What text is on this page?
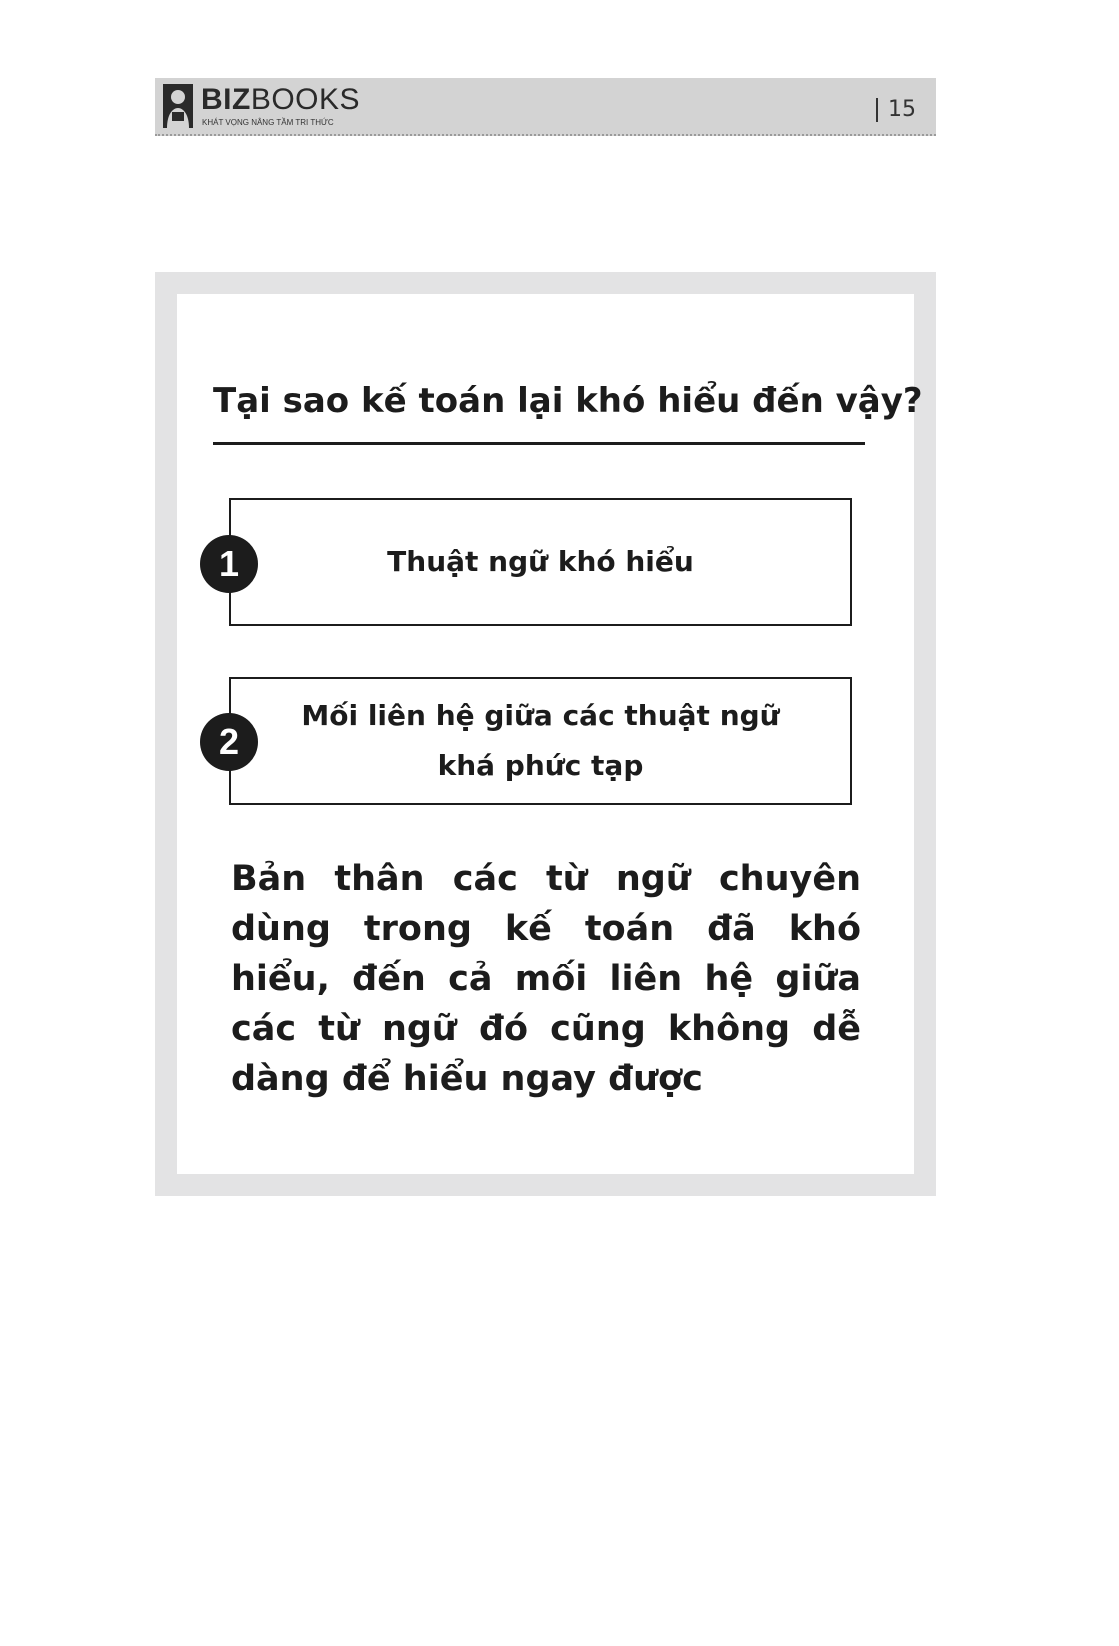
BIZBOOKS
KHÁT VỌNG NÂNG TẦM TRI THỨC
15
Tại sao kế toán lại khó hiểu đến vậy?
Thuật ngữ khó hiểu
1
Mối liên hệ giữa các thuật ngữ
khá phức tạp
2
Bản thân các từ ngữ chuyên dùng trong kế toán đã khó hiểu, đến cả mối liên hệ giữa các từ ngữ đó cũng không dễ dàng để hiểu ngay được
